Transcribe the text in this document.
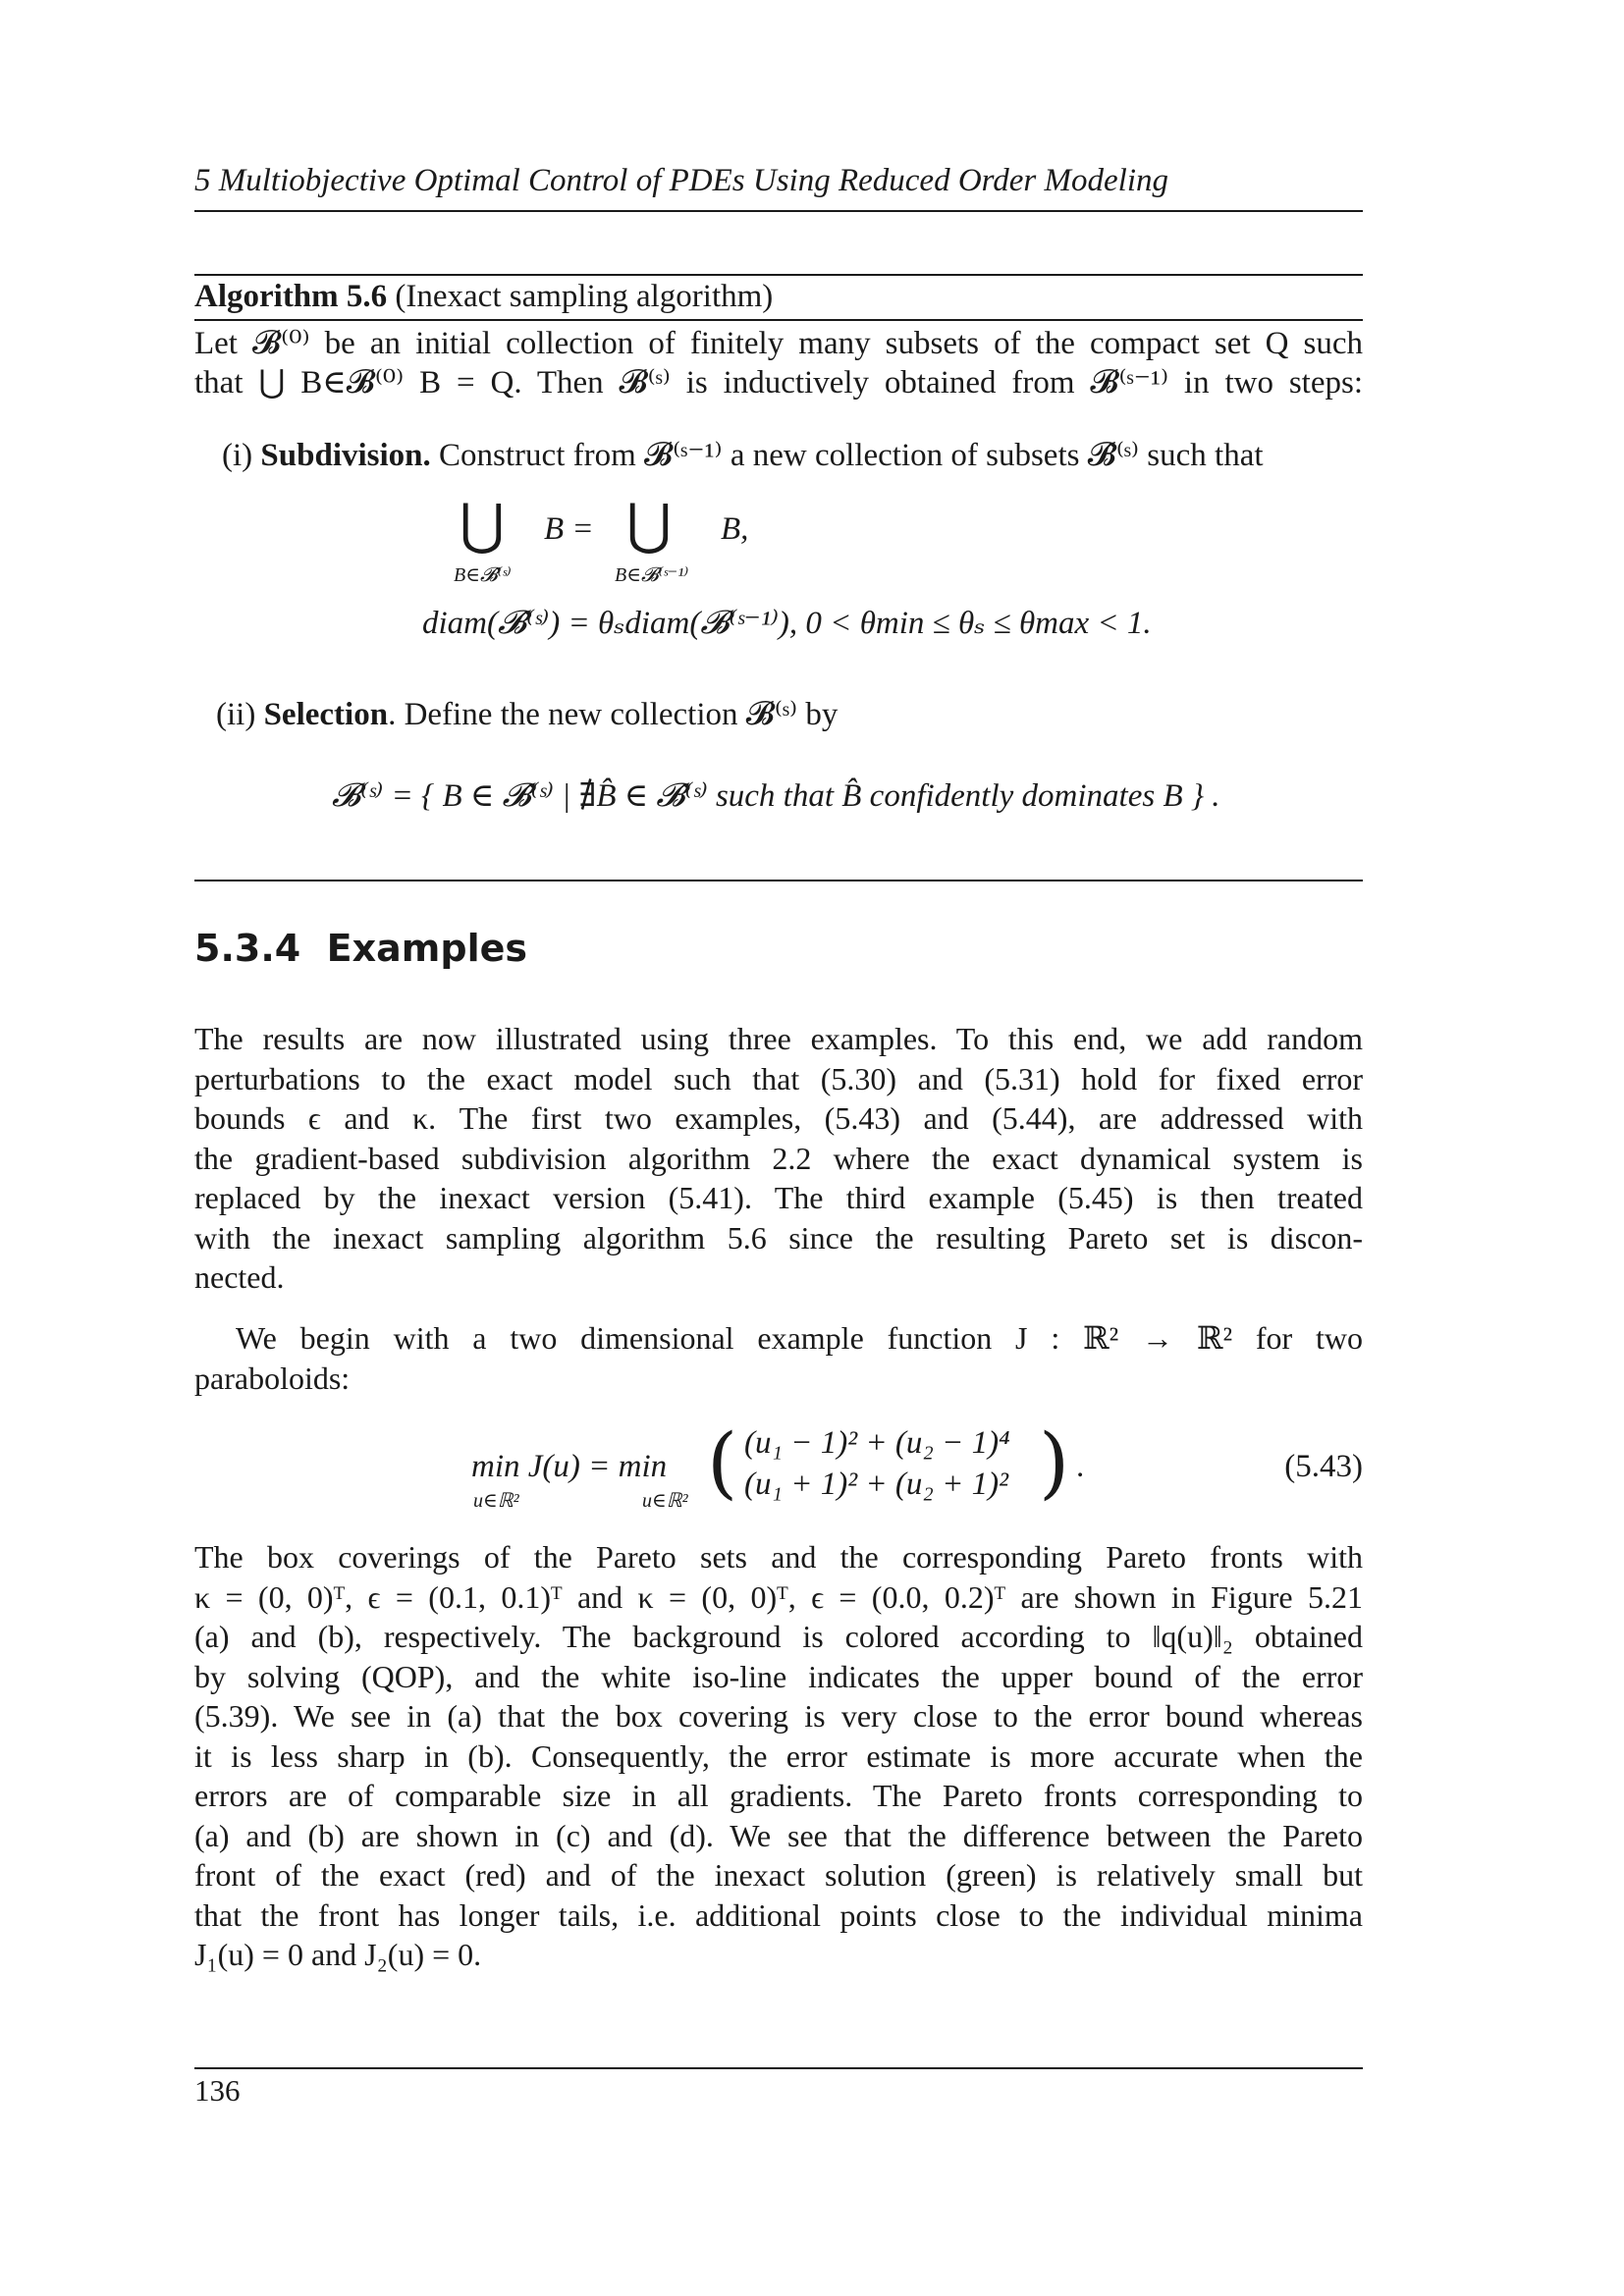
5 Multiobjective Optimal Control of PDEs Using Reduced Order Modeling
Algorithm 5.6 (Inexact sampling algorithm)
Let 𝓑⁽⁰⁾ be an initial collection of finitely many subsets of the compact set Q such
that ⋃ B∈𝓑⁽⁰⁾ B = Q. Then 𝓑⁽ˢ⁾ is inductively obtained from 𝓑⁽ˢ⁻¹⁾ in two steps:
(i) Subdivision. Construct from 𝓑⁽ˢ⁻¹⁾ a new collection of subsets 𝓑̂⁽ˢ⁾ such that
⋃ B =
B∈𝓑̂⁽ˢ⁾
⋃ B,
B∈𝓑⁽ˢ⁻¹⁾
diam(𝓑̂⁽ˢ⁾) = θₛdiam(𝓑⁽ˢ⁻¹⁾), 0 < θmin ≤ θₛ ≤ θmax < 1.
(ii) Selection. Define the new collection 𝓑⁽ˢ⁾ by
𝓑⁽ˢ⁾ = { B ∈ 𝓑̂⁽ˢ⁾ | ∄B̂ ∈ 𝓑̂⁽ˢ⁾ such that B̂ confidently dominates B } .
5.3.4 Examples
The results are now illustrated using three examples. To this end, we add random
perturbations to the exact model such that (5.30) and (5.31) hold for fixed error
bounds ϵ and κ. The first two examples, (5.43) and (5.44), are addressed with
the gradient-based subdivision algorithm 2.2 where the exact dynamical system is
replaced by the inexact version (5.41). The third example (5.45) is then treated
with the inexact sampling algorithm 5.6 since the resulting Pareto set is discon-
nected.
We begin with a two dimensional example function J : ℝ² → ℝ² for two
paraboloids:
min J(u) = min
u∈ℝ²	u∈ℝ² ( (u₁ − 1)² + (u₂ − 1)⁴
(u₁ + 1)² + (u₂ + 1)² ) .	(5.43)
The box coverings of the Pareto sets and the corresponding Pareto fronts with
κ = (0, 0)ᵀ, ϵ = (0.1, 0.1)ᵀ and κ = (0, 0)ᵀ, ϵ = (0.0, 0.2)ᵀ are shown in Figure 5.21
(a) and (b), respectively. The background is colored according to ‖q(u)‖₂ obtained
by solving (QOP), and the white iso-line indicates the upper bound of the error
(5.39). We see in (a) that the box covering is very close to the error bound whereas
it is less sharp in (b). Consequently, the error estimate is more accurate when the
errors are of comparable size in all gradients. The Pareto fronts corresponding to
(a) and (b) are shown in (c) and (d). We see that the difference between the Pareto
front of the exact (red) and of the inexact solution (green) is relatively small but
that the front has longer tails, i.e. additional points close to the individual minima
J₁(u) = 0 and J₂(u) = 0.
136
